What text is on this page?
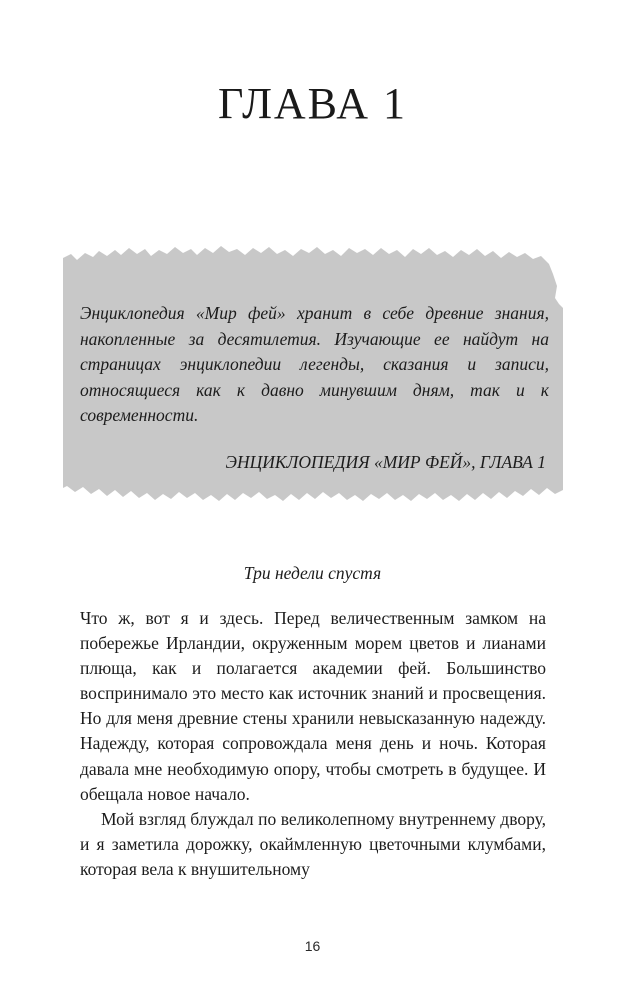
ГЛАВА 1

Энциклопедия «Мир фей» хранит в себе древние знания, накопленные за десятилетия. Изучающие ее найдут на страницах энциклопедии легенды, сказания и записи, относящиеся как к давно минувшим дням, так и к современности.

ЭНЦИКЛОПЕДИЯ «МИР ФЕЙ», ГЛАВА 1

Три недели спустя

Что ж, вот я и здесь. Перед величественным замком на побережье Ирландии, окруженным морем цветов и лианами плюща, как и полагается академии фей. Большинство воспринимало это место как источник знаний и просвещения. Но для меня древние стены хранили невысказанную надежду. Надежду, которая сопровождала меня день и ночь. Которая давала мне необходимую опору, чтобы смотреть в будущее. И обещала новое начало.

Мой взгляд блуждал по великолепному внутреннему двору, и я заметила дорожку, окаймленную цветочными клумбами, которая вела к внушительному

16
